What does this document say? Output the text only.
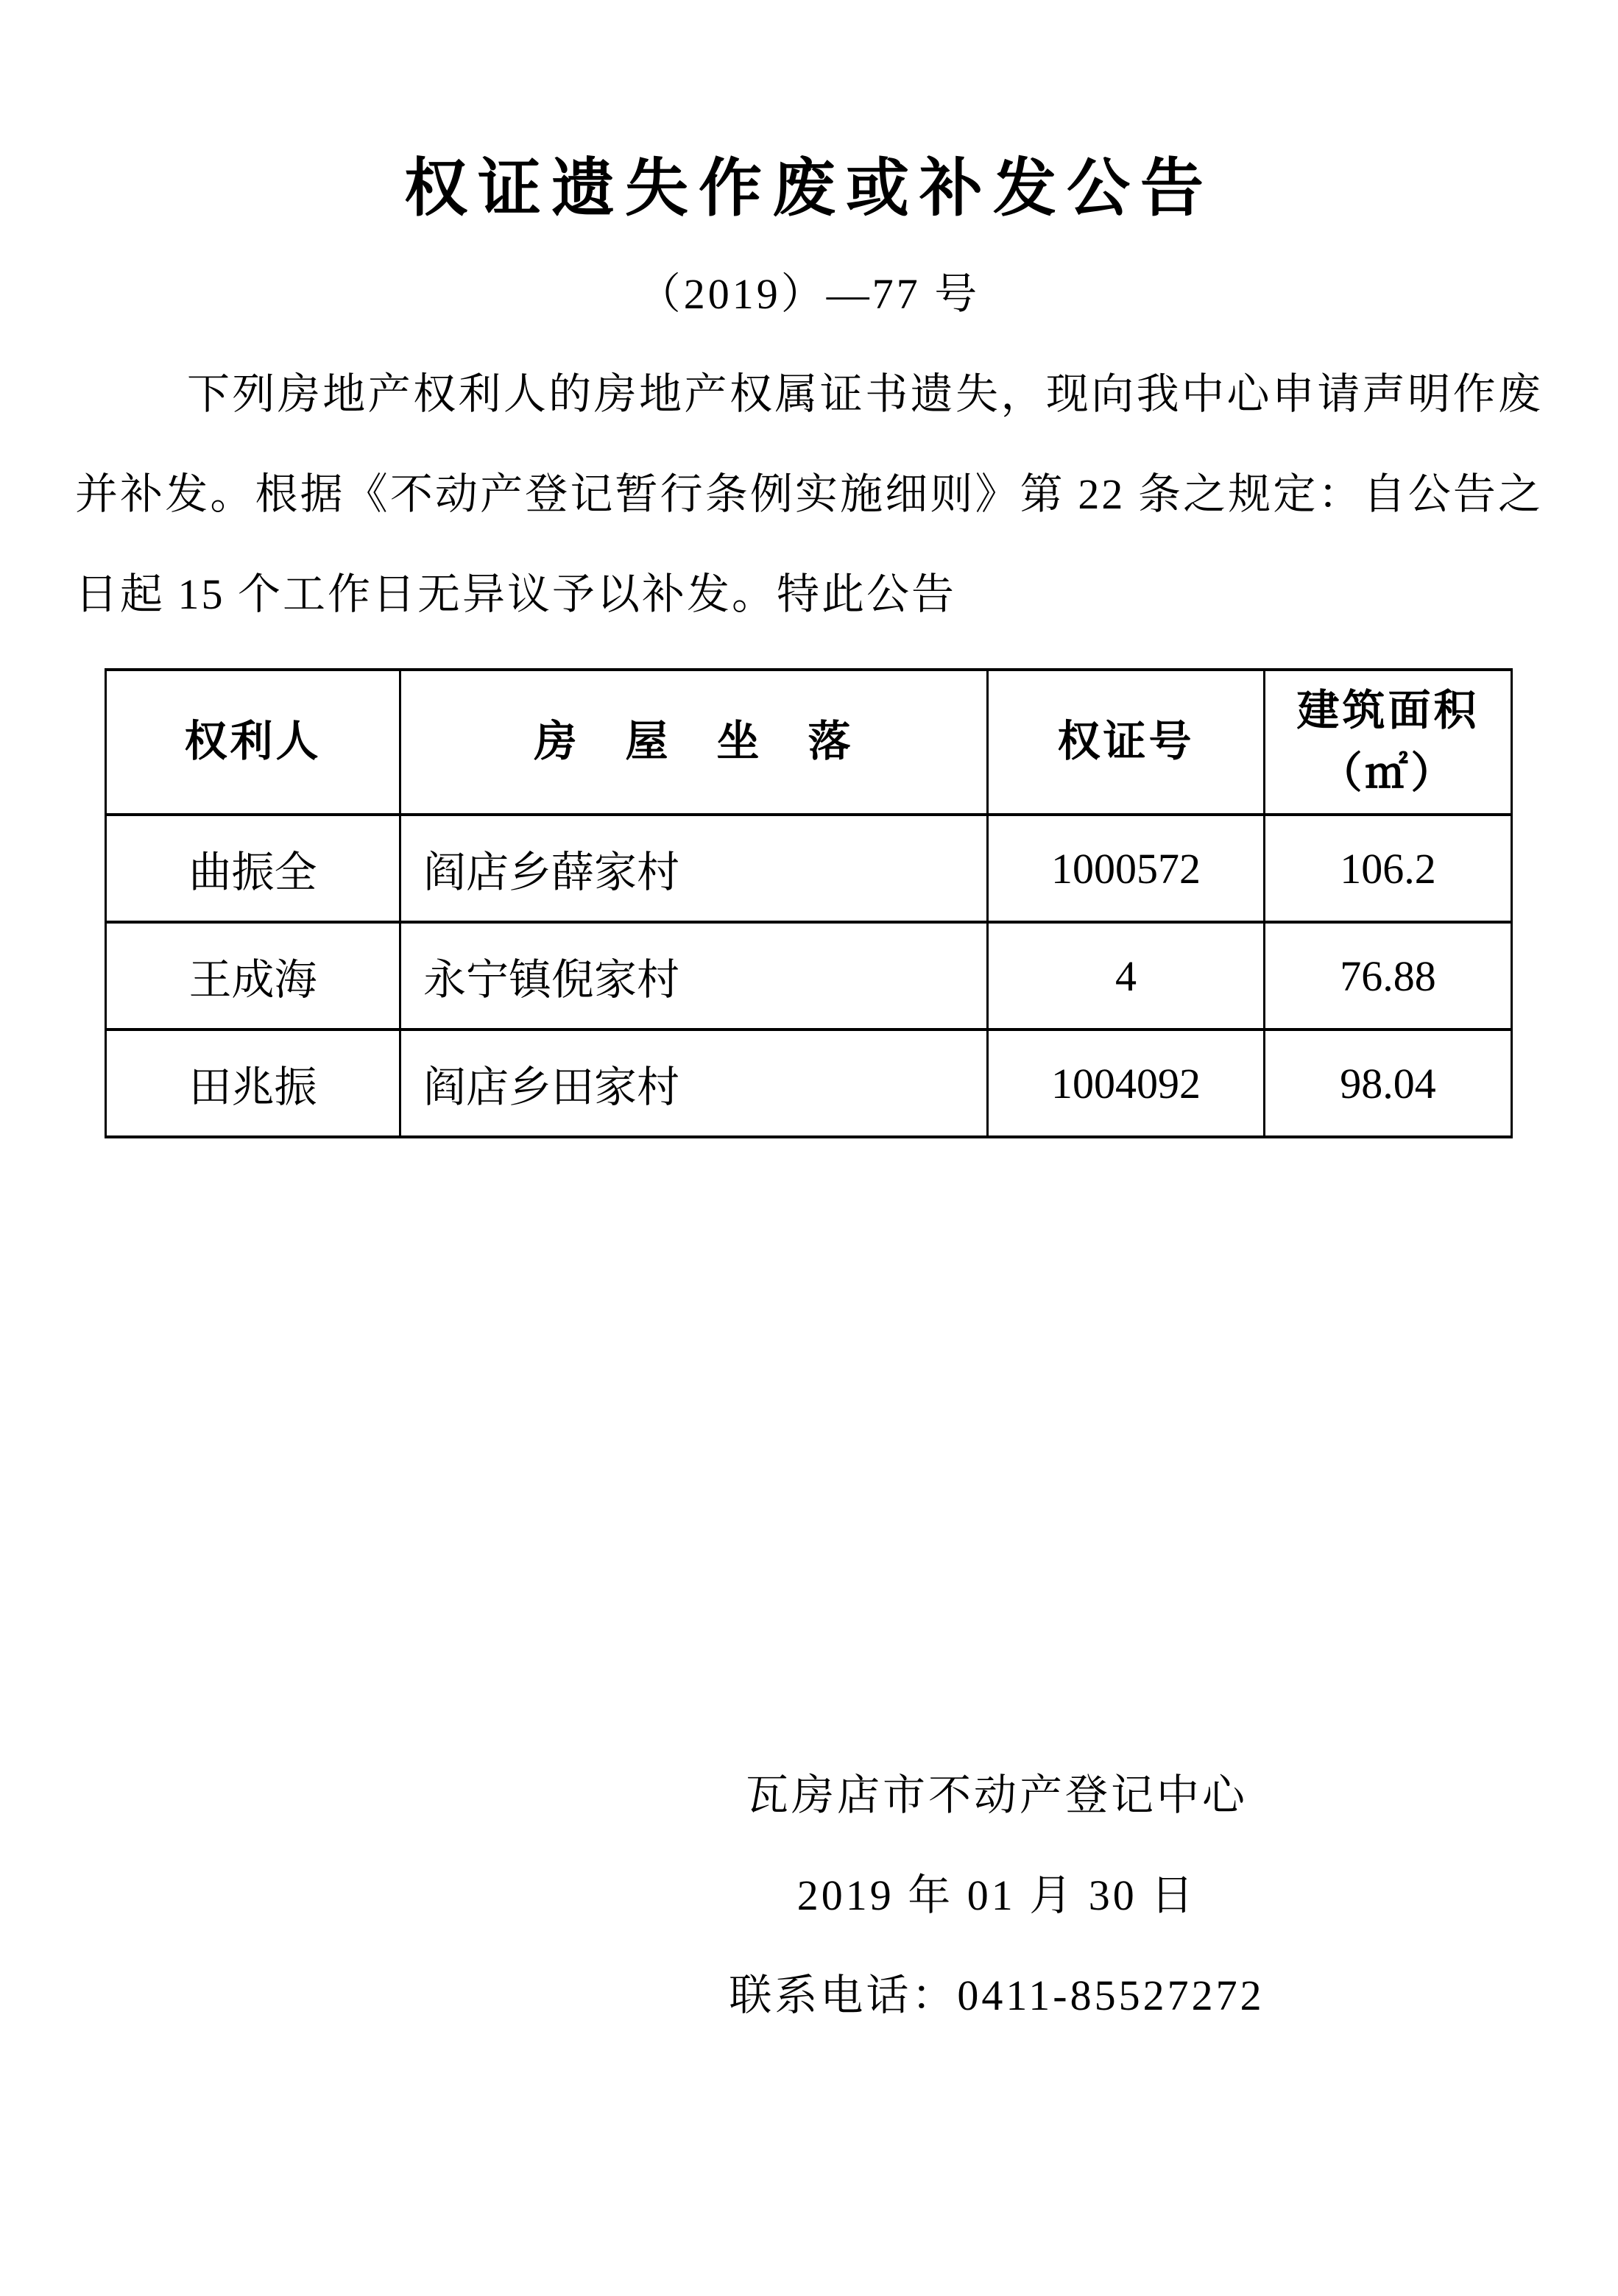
权证遗失作废或补发公告
（2019）—77 号
下列房地产权利人的房地产权属证书遗失，现向我中心申请声明作废并补发。根据《不动产登记暂行条例实施细则》第 22 条之规定：自公告之日起 15 个工作日无异议予以补发。特此公告
权利人	房　屋　坐　落	权证号	建筑面积
（㎡）

曲振全	阎店乡薛家村	1000572	106.2
王成海	永宁镇倪家村	4	76.88
田兆振	阎店乡田家村	1004092	98.04
瓦房店市不动产登记中心
2019 年 01 月 30 日
联系电话：0411-85527272
